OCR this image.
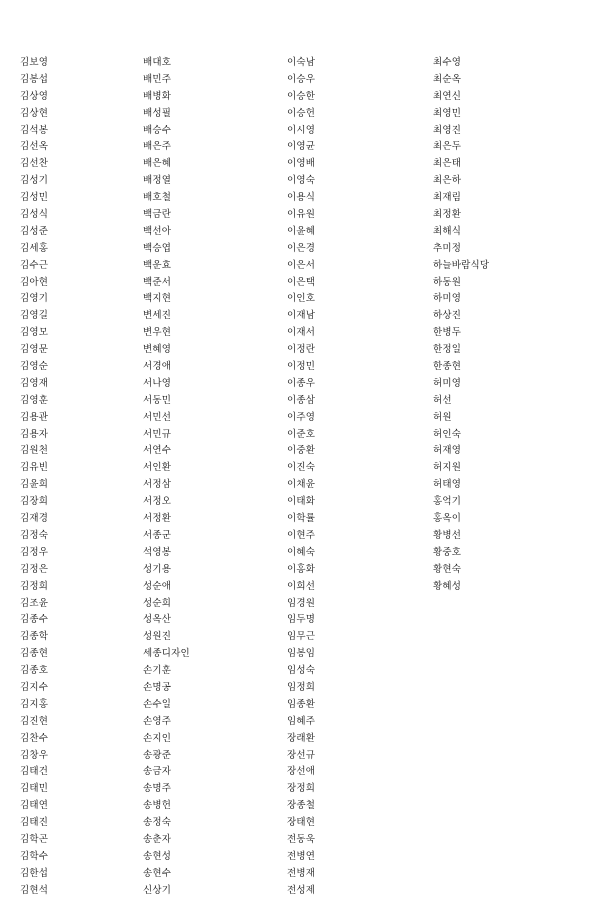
김보영
김봉섭
김상영
김상현
김석봉
김선옥
김선찬
김성기
김성민
김성식
김성준
김세홍
김수근
김아현
김영기
김영길
김영모
김영문
김영순
김영재
김영훈
김용관
김용자
김원천
김유빈
김윤희
김장희
김재경
김정숙
김정우
김정은
김정희
김조윤
김종수
김종학
김종현
김종호
김지수
김지홍
김진현
김찬수
김창우
김태건
김태민
김태연
김태진
김학곤
김학수
김한섭
김현석
배대호
배민주
배병화
배성필
배승수
배은주
배은혜
배정열
배호철
백금란
백선아
백승엽
백운효
백준서
백지현
변세진
변우현
변혜영
서경애
서나영
서동민
서민선
서민규
서연수
서인환
서정삼
서정오
서정환
서종군
석영봉
성기용
성순애
성순희
성옥산
성원진
세종디자인
손기훈
손명공
손수일
손영주
손지인
송광준
송금자
송명주
송병헌
송정숙
송춘자
송현성
송현수
신상기
이숙남
이승우
이승한
이승헌
이시영
이영균
이영배
이영숙
이용식
이유원
이윤혜
이은경
이은서
이은택
이인호
이재남
이재서
이정란
이정민
이종우
이종삼
이주영
이준호
이중환
이진숙
이채윤
이태화
이학률
이현주
이혜숙
이홍화
이희선
임경원
임두명
임무근
임봉임
임성숙
임정희
임종환
임혜주
장래환
장선규
장선애
장정희
장종철
장태현
전동욱
전병연
전병재
전성제
최수영
최순옥
최연신
최영민
최영진
최은두
최은태
최은하
최재림
최정환
최해식
추미정
하늘바람식당
하동원
하미영
하상진
한병두
한정일
한종현
허미영
허선
허원
허인숙
허재영
허지원
허태영
홍억기
홍옥이
황병선
황중호
황현숙
황혜성
